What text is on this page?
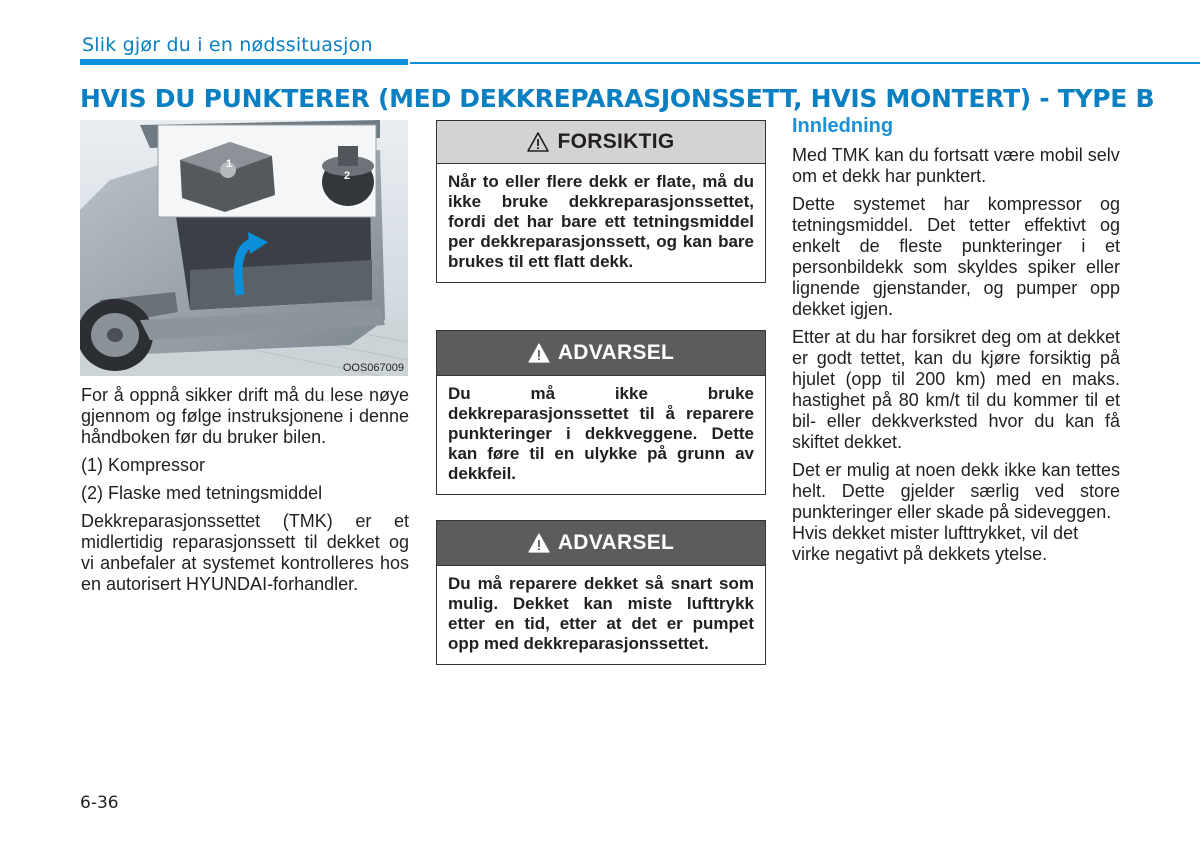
Slik gjør du i en nødssituasjon
HVIS DU PUNKTERER (MED DEKKREPARASJONSSETT, HVIS MONTERT) - TYPE B
1
2
OOS067009

For å oppnå sikker drift må du lese nøye gjennom og følge instruksjonene i denne håndboken før du bruker bilen.

(1) Kompressor

(2) Flaske med tetningsmiddel

Dekkreparasjonssettet (TMK) er et midlertidig reparasjonssett til dekket og vi anbefaler at systemet kontrolleres hos en autorisert HYUNDAI-forhandler.

FORSIKTIG
Når to eller flere dekk er flate, må du ikke bruke dekkreparasjonssettet, fordi det har bare ett tetningsmiddel per dekkreparasjonssett, og kan bare brukes til ett flatt dekk.
ADVARSEL
Du må ikke bruke dekkreparasjonssettet til å reparere punkteringer i dekkveggene. Dette kan føre til en ulykke på grunn av dekkfeil.
ADVARSEL
Du må reparere dekket så snart som mulig. Dekket kan miste lufttrykk etter en tid, etter at det er pumpet opp med dekkreparasjonssettet.
Innledning

Med TMK kan du fortsatt være mobil selv om et dekk har punktert.

Dette systemet har kompressor og tetningsmiddel. Det tetter effektivt og enkelt de fleste punkteringer i et personbildekk som skyldes spiker eller lignende gjenstander, og pumper opp dekket igjen.

Etter at du har forsikret deg om at dekket er godt tettet, kan du kjøre forsiktig på hjulet (opp til 200 km) med en maks. hastighet på 80 km/t til du kommer til et bil- eller dekkverksted hvor du kan få skiftet dekket.

Det er mulig at noen dekk ikke kan tettes helt. Dette gjelder særlig ved store punkteringer eller skade på sideveggen.

Hvis dekket mister lufttrykket, vil det virke negativt på dekkets ytelse.

6-36
